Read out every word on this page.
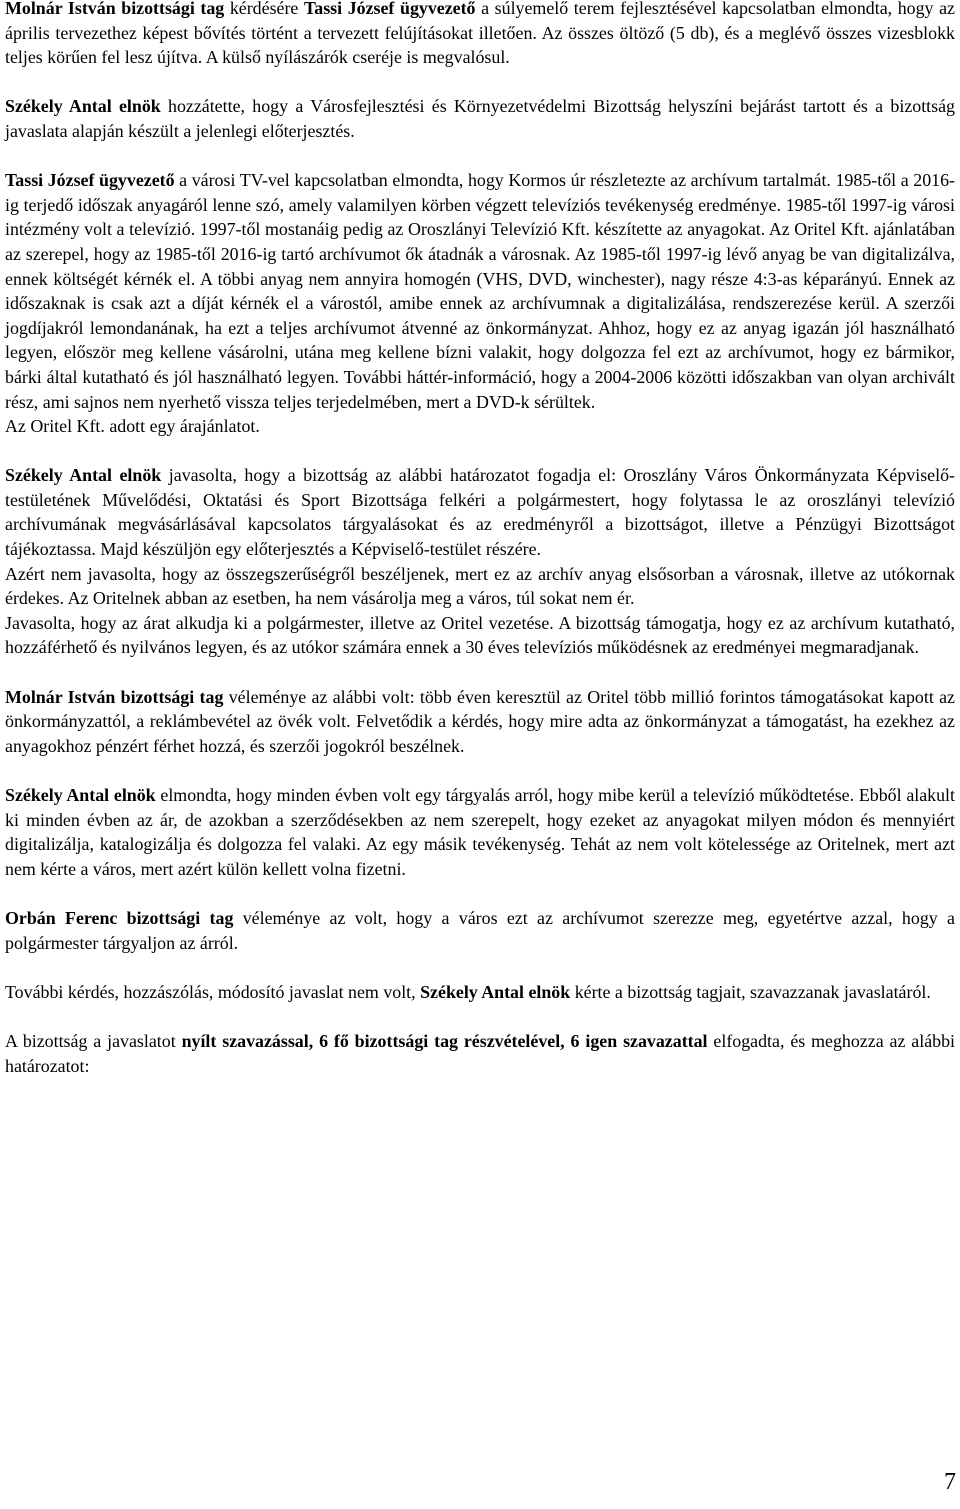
Molnár István bizottsági tag kérdésére Tassi József ügyvezető a súlyemelő terem fejlesztésével kapcsolatban elmondta, hogy az április tervezethez képest bővítés történt a tervezett felújításokat illetően. Az összes öltöző (5 db), és a meglévő összes vizesblokk teljes körűen fel lesz újítva. A külső nyílászárók cseréje is megvalósul.

Székely Antal elnök hozzátette, hogy a Városfejlesztési és Környezetvédelmi Bizottság helyszíni bejárást tartott és a bizottság javaslata alapján készült a jelenlegi előterjesztés.

Tassi József ügyvezető a városi TV-vel kapcsolatban elmondta, hogy Kormos úr részletezte az archívum tartalmát. 1985-től a 2016-ig terjedő időszak anyagáról lenne szó, amely valamilyen körben végzett televíziós tevékenység eredménye. 1985-től 1997-ig városi intézmény volt a televízió. 1997-től mostanáig pedig az Oroszlányi Televízió Kft. készítette az anyagokat. Az Oritel Kft. ajánlatában az szerepel, hogy az 1985-től 2016-ig tartó archívumot ők átadnák a városnak. Az 1985-től 1997-ig lévő anyag be van digitalizálva, ennek költségét kérnék el. A többi anyag nem annyira homogén (VHS, DVD, winchester), nagy része 4:3-as képarányú. Ennek az időszaknak is csak azt a díját kérnék el a várostól, amibe ennek az archívumnak a digitalizálása, rendszerezése kerül. A szerzői jogdíjakról lemondanának, ha ezt a teljes archívumot átvenné az önkormányzat. Ahhoz, hogy ez az anyag igazán jól használható legyen, először meg kellene vásárolni, utána meg kellene bízni valakit, hogy dolgozza fel ezt az archívumot, hogy ez bármikor, bárki által kutatható és jól használható legyen. További háttér-információ, hogy a 2004-2006 közötti időszakban van olyan archivált rész, ami sajnos nem nyerhető vissza teljes terjedelmében, mert a DVD-k sérültek.

Az Oritel Kft. adott egy árajánlatot.

Székely Antal elnök javasolta, hogy a bizottság az alábbi határozatot fogadja el: Oroszlány Város Önkormányzata Képviselő-testületének Művelődési, Oktatási és Sport Bizottsága felkéri a polgármestert, hogy folytassa le az oroszlányi televízió archívumának megvásárlásával kapcsolatos tárgyalásokat és az eredményről a bizottságot, illetve a Pénzügyi Bizottságot tájékoztassa. Majd készüljön egy előterjesztés a Képviselő-testület részére.

Azért nem javasolta, hogy az összegszerűségről beszéljenek, mert ez az archív anyag elsősorban a városnak, illetve az utókornak érdekes. Az Oritelnek abban az esetben, ha nem vásárolja meg a város, túl sokat nem ér.

Javasolta, hogy az árat alkudja ki a polgármester, illetve az Oritel vezetése. A bizottság támogatja, hogy ez az archívum kutatható, hozzáférhető és nyilvános legyen, és az utókor számára ennek a 30 éves televíziós működésnek az eredményei megmaradjanak.

Molnár István bizottsági tag véleménye az alábbi volt: több éven keresztül az Oritel több millió forintos támogatásokat kapott az önkormányzattól, a reklámbevétel az övék volt. Felvetődik a kérdés, hogy mire adta az önkormányzat a támogatást, ha ezekhez az anyagokhoz pénzért férhet hozzá, és szerzői jogokról beszélnek.

Székely Antal elnök elmondta, hogy minden évben volt egy tárgyalás arról, hogy mibe kerül a televízió működtetése. Ebből alakult ki minden évben az ár, de azokban a szerződésekben az nem szerepelt, hogy ezeket az anyagokat milyen módon és mennyiért digitalizálja, katalogizálja és dolgozza fel valaki. Az egy másik tevékenység. Tehát az nem volt kötelessége az Oritelnek, mert azt nem kérte a város, mert azért külön kellett volna fizetni.

Orbán Ferenc bizottsági tag véleménye az volt, hogy a város ezt az archívumot szerezze meg, egyetértve azzal, hogy a polgármester tárgyaljon az árról.

További kérdés, hozzászólás, módosító javaslat nem volt, Székely Antal elnök kérte a bizottság tagjait, szavazzanak javaslatáról.

A bizottság a javaslatot nyílt szavazással, 6 fő bizottsági tag részvételével, 6 igen szavazattal elfogadta, és meghozza az alábbi határozatot:

7
